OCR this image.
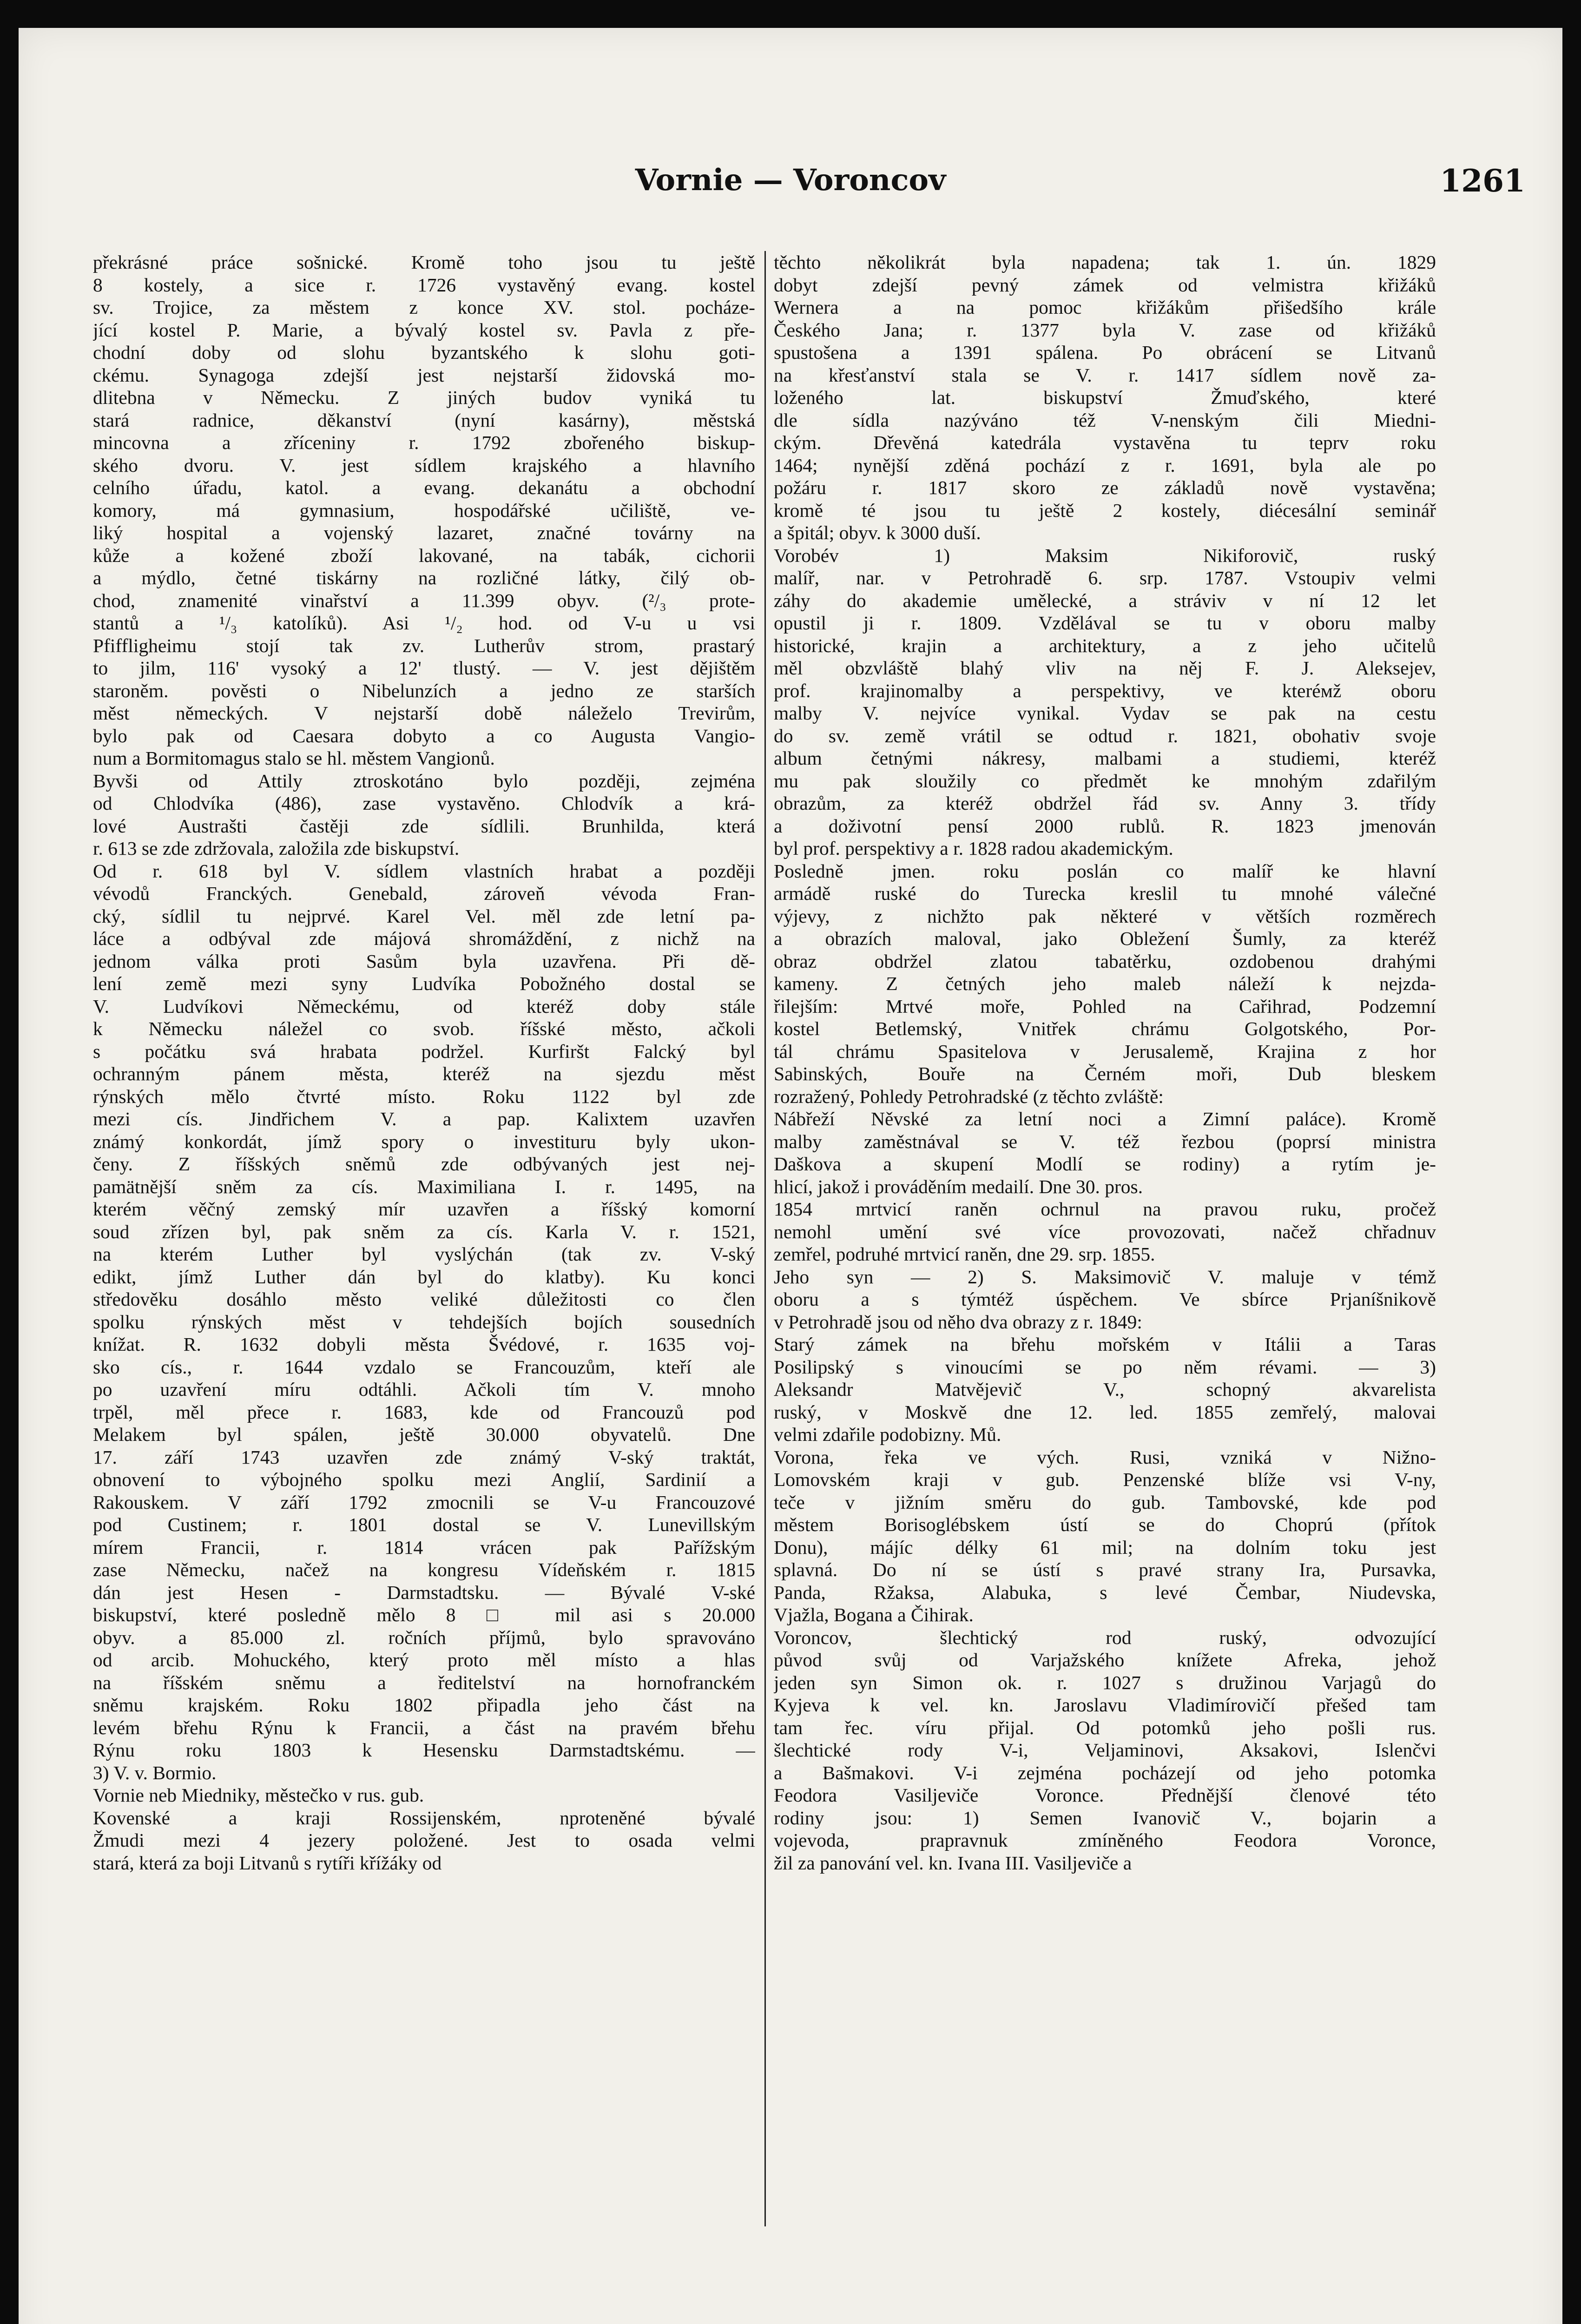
Vornie — Voroncov	1261
překrásné práce sošnické. Kromě toho jsou tu ještě
8 kostely, a sice r. 1726 vystavěný evang. kostel
sv. Trojice, za městem z konce XV. stol. pocháze-
jící kostel P. Marie, a bývalý kostel sv. Pavla z pře-
chodní doby od slohu byzantského k slohu goti-
ckému. Synagoga zdejší jest nejstarší židovská mo-
dlitebna v Německu. Z jiných budov vyniká tu
stará radnice, děkanství (nyní kasárny), městská
mincovna a zříceniny r. 1792 zbořeného biskup-
ského dvoru. V. jest sídlem krajského a hlavního
celního úřadu, katol. a evang. dekanátu a obchodní
komory, má gymnasium, hospodářské učiliště, ve-
liký hospital a vojenský lazaret, značné továrny na
kůže a kožené zboží lakované, na tabák, cichorii
a mýdlo, četné tiskárny na rozličné látky, čilý ob-
chod, znamenité vinařství a 11.399 obyv. (²/₃ prote-
stantů a ¹/₃ katolíků). Asi ¹/₂ hod. od V-u u vsi
Pfiffligheimu stojí tak zv. Lutherův strom, prastarý
to jilm, 116' vysoký a 12' tlustý. — V. jest dějištěm
staroněm. pověsti o Nibelunzích a jedno ze starších
měst německých. V nejstarší době náleželo Trevirům,
bylo pak od Caesara dobyto a co Augusta Vangio-
num a Bormitomagus stalo se hl. městem Vangionů.
Byvši od Attily ztroskotáno bylo později, zejména
od Chlodvíka (486), zase vystavěno. Chlodvík a krá-
lové Austrašti častěji zde sídlili. Brunhilda, která
r. 613 se zde zdržovala, založila zde biskupství.
Od r. 618 byl V. sídlem vlastních hrabat a později
vévodů Franckých. Genebald, zároveň vévoda Fran-
cký, sídlil tu nejprvé. Karel Vel. měl zde letní pa-
láce a odbýval zde májová shromáždění, z nichž na
jednom válka proti Sasům byla uzavřena. Při dě-
lení země mezi syny Ludvíka Pobožného dostal se
V. Ludvíkovi Německému, od kteréž doby stále
k Německu náležel co svob. říšské město, ačkoli
s počátku svá hrabata podržel. Kurfiršt Falcký byl
ochranným pánem města, kteréž na sjezdu měst
rýnských mělo čtvrté místo. Roku 1122 byl zde
mezi cís. Jindřichem V. a pap. Kalixtem uzavřen
známý konkordát, jímž spory o investituru byly ukon-
čeny. Z říšských sněmů zde odbývaných jest nej-
pamätnější sněm za cís. Maximiliana I. r. 1495, na
kterém věčný zemský mír uzavřen a říšský komorní
soud zřízen byl, pak sněm za cís. Karla V. r. 1521,
na kterém Luther byl vyslýchán (tak zv. V-ský
edikt, jímž Luther dán byl do klatby). Ku konci
středověku dosáhlo město veliké důležitosti co člen
spolku rýnských měst v tehdejších bojích sousedních
knížat. R. 1632 dobyli města Švédové, r. 1635 voj-
sko cís., r. 1644 vzdalo se Francouzům, kteří ale
po uzavření míru odtáhli. Ačkoli tím V. mnoho
trpěl, měl přece r. 1683, kde od Francouzů pod
Melakem byl spálen, ještě 30.000 obyvatelů. Dne
17. září 1743 uzavřen zde známý V-ský traktát,
obnovení to výbojného spolku mezi Anglií, Sardinií a
Rakouskem. V září 1792 zmocnili se V-u Francouzové
pod Custinem; r. 1801 dostal se V. Lunevillským
mírem Francii, r. 1814 vrácen pak Pařížským
zase Německu, načež na kongresu Vídeňském r. 1815
dán jest Hesen - Darmstadtsku. — Bývalé V-ské
biskupství, které posledně mělo 8 □ mil asi s 20.000
obyv. a 85.000 zl. ročních příjmů, bylo spravováno
od arcib. Mohuckého, který proto měl místo a hlas
na říšském sněmu a ředitelství na hornofranckém
sněmu krajském. Roku 1802 připadla jeho část na
levém břehu Rýnu k Francii, a část na pravém břehu
Rýnu roku 1803 k Hesensku Darmstadtskému. —
3) V. v. Bormio.
Vornie neb Miedniky, městečko v rus. gub.
Kovenské a kraji Rossijenském, nproteněné bývalé
Žmudi mezi 4 jezery položené. Jest to osada velmi
stará, která za boji Litvanů s rytíři křížáky od
těchto několikrát byla napadena; tak 1. ún. 1829
dobyt zdejší pevný zámek od velmistra křižáků
Wernera a na pomoc křižákům přišedšího krále
Českého Jana; r. 1377 byla V. zase od křižáků
spustošena a 1391 spálena. Po obrácení se Litvanů
na křesťanství stala se V. r. 1417 sídlem nově za-
loženého lat. biskupství Žmuďského, které
dle sídla nazýváno též V-nenským čili Miedni-
ckým. Dřevěná katedrála vystavěna tu teprv roku
1464; nynější zděná pochází z r. 1691, byla ale po
požáru r. 1817 skoro ze základů nově vystavěna;
kromě té jsou tu ještě 2 kostely, diécesální seminář
a špitál; obyv. k 3000 duší.
Vorobév 1) Maksim Nikiforovič, ruský
malíř, nar. v Petrohradě 6. srp. 1787. Vstoupiv velmi
záhy do akademie umělecké, a stráviv v ní 12 let
opustil ji r. 1809. Vzdělával se tu v oboru malby
historické, krajin a architektury, a z jeho učitelů
měl obzvláště blahý vliv na něj F. J. Aleksejev,
prof. krajinomalby a perspektivy, ve kteréмž oboru
malby V. nejvíce vynikal. Vydav se pak na cestu
do sv. země vrátil se odtud r. 1821, obohativ svoje
album četnými nákresy, malbami a studiemi, kteréž
mu pak sloužily co předmět ke mnohým zdařilým
obrazům, za kteréž obdržel řád sv. Anny 3. třídy
a doživotní pensí 2000 rublů. R. 1823 jmenován
byl prof. perspektivy a r. 1828 radou akademickým.
Posledně jmen. roku poslán co malíř ke hlavní
armádě ruské do Turecka kreslil tu mnohé válečné
výjevy, z nichžto pak některé v větších rozměrech
a obrazích maloval, jako Obležení Šumly, za kteréž
obraz obdržel zlatou tabatěrku, ozdobenou drahými
kameny. Z četných jeho maleb náleží k nejzda-
řilejším: Mrtvé moře, Pohled na Cařihrad, Podzemní
kostel Betlemský, Vnitřek chrámu Golgotského, Por-
tál chrámu Spasitelova v Jerusalemě, Krajina z hor
Sabinských, Bouře na Černém moři, Dub bleskem
rozražený, Pohledy Petrohradské (z těchto zvláště:
Nábřeží Něvské za letní noci a Zimní paláce). Kromě
malby zaměstnával se V. též řezbou (poprsí ministra
Daškova a skupení Modlí se rodiny) a rytím je-
hlicí, jakož i prováděním medailí. Dne 30. pros.
1854 mrtvicí raněn ochrnul na pravou ruku, pročež
nemohl umění své více provozovati, načež chřadnuv
zemřel, podruhé mrtvicí raněn, dne 29. srp. 1855.
Jeho syn — 2) S. Maksimovič V. maluje v témž
oboru a s týmtéž úspěchem. Ve sbírce Prjaníšnikově
v Petrohradě jsou od něho dva obrazy z r. 1849:
Starý zámek na břehu mořském v Itálii a Taras
Posilipský s vinoucími se po něm révami. — 3)
Aleksandr Matvějevič V., schopný akvarelista
ruský, v Moskvě dne 12. led. 1855 zemřelý, malovai
velmi zdařile podobizny. Mů.
Vorona, řeka ve vých. Rusi, vzniká v Nižno-
Lomovském kraji v gub. Penzenské blíže vsi V-ny,
teče v jižním směru do gub. Tambovské, kde pod
městem Borisoglébskem ústí se do Choprú (přítok
Donu), májíc délky 61 mil; na dolním toku jest
splavná. Do ní se ústí s pravé strany Ira, Pursavka,
Panda, Ržaksa, Alabuka, s levé Čembar, Niudevska,
Vjažla, Bogana a Čihirak.
Voroncov, šlechtický rod ruský, odvozující
původ svůj od Varjažského knížete Afreka, jehož
jeden syn Simon ok. r. 1027 s družinou Varjagů do
Kyjeva k vel. kn. Jaroslavu Vladimírovičí přešed tam
tam řec. víru přijal. Od potomků jeho pošli rus.
šlechtické rody V-i, Veljaminovi, Aksakovi, Islenčvi
a Bašmakovi. V-i zejména pocházejí od jeho potomka
Feodora Vasiljeviče Voronce. Přednější členové této
rodiny jsou: 1) Semen Ivanovič V., bojarin a
vojevoda, prapravnuk zmíněného Feodora Voronce,
žil za panování vel. kn. Ivana III. Vasiljeviče a
